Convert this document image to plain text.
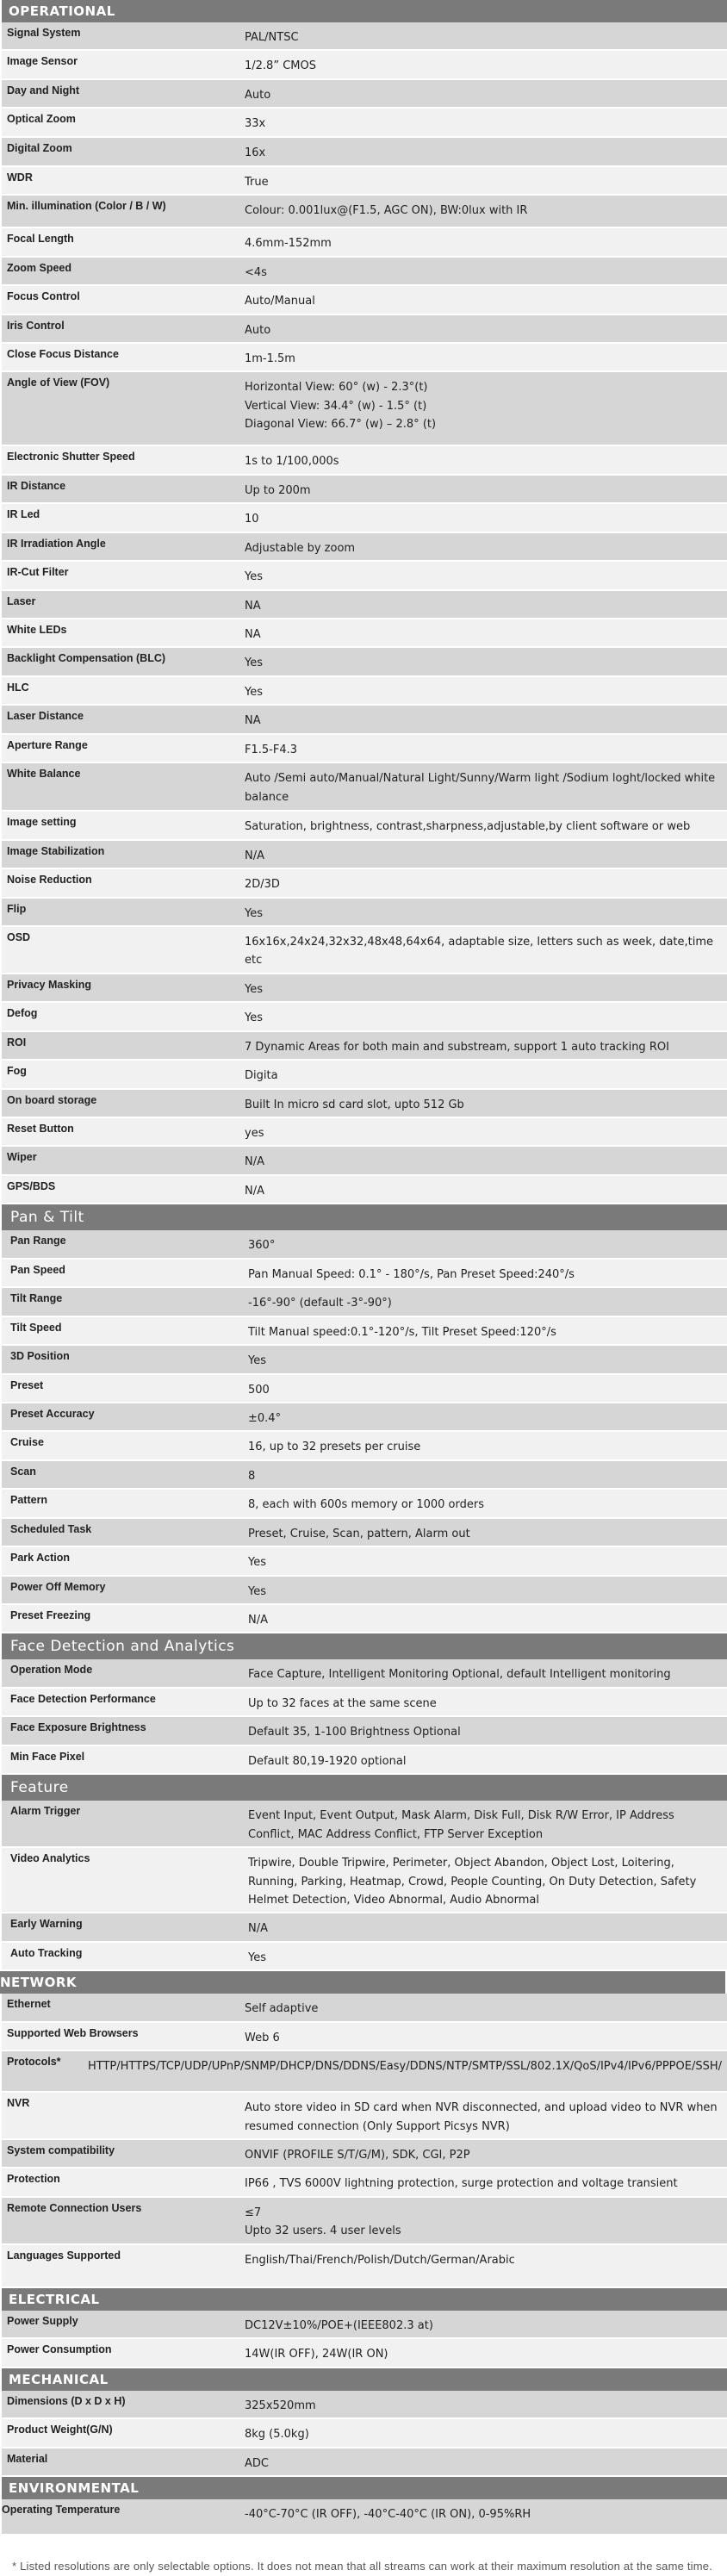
OPERATIONAL
Signal System	PAL/NTSC
Image Sensor	1/2.8” CMOS
Day and Night	Auto
Optical Zoom	33x
Digital Zoom	16x
WDR	True
Min. illumination (Color / B / W)	Colour: 0.001lux@(F1.5, AGC ON), BW:0lux with IR
Focal Length	4.6mm-152mm
Zoom Speed	<4s
Focus Control	Auto/Manual
Iris Control	Auto
Close Focus Distance	1m-1.5m
Angle of View (FOV)	Horizontal View: 60° (w) - 2.3°(t)
Vertical View: 34.4° (w) - 1.5° (t)
Diagonal View: 66.7° (w) – 2.8° (t)
Electronic Shutter Speed	1s to 1/100,000s
IR Distance	Up to 200m
IR Led	10
IR Irradiation Angle	Adjustable by zoom
IR-Cut Filter	Yes
Laser	NA
White LEDs	NA
Backlight Compensation (BLC)	Yes
HLC	Yes
Laser Distance	NA
Aperture Range	F1.5-F4.3
White Balance	Auto /Semi auto/Manual/Natural Light/Sunny/Warm light /Sodium loght/locked white balance
Image setting	Saturation, brightness, contrast,sharpness,adjustable,by client software or web
Image Stabilization	N/A
Noise Reduction	2D/3D
Flip	Yes
OSD	16x16x,24x24,32x32,48x48,64x64, adaptable size, letters such as week, date,time etc
Privacy Masking	Yes
Defog	Yes
ROI	7 Dynamic Areas for both main and substream, support 1 auto tracking ROI
Fog	Digita
On board storage	Built In micro sd card slot, upto 512 Gb
Reset Button	yes
Wiper	N/A
GPS/BDS	N/A
Pan & Tilt
Pan Range	360°
Pan Speed	Pan Manual Speed: 0.1° - 180°/s, Pan Preset Speed:240°/s
Tilt Range	-16°-90° (default -3°-90°)
Tilt Speed	Tilt Manual speed:0.1°-120°/s, Tilt Preset Speed:120°/s
3D Position	Yes
Preset	500
Preset Accuracy	±0.4°
Cruise	16, up to 32 presets per cruise
Scan	8
Pattern	8, each with 600s memory or 1000 orders
Scheduled Task	Preset, Cruise, Scan, pattern, Alarm out
Park Action	Yes
Power Off Memory	Yes
Preset Freezing	N/A
Face Detection and Analytics
Operation Mode	Face Capture, Intelligent Monitoring Optional, default Intelligent monitoring
Face Detection Performance	Up to 32 faces at the same scene
Face Exposure Brightness	Default 35, 1-100 Brightness Optional
Min Face Pixel	Default 80,19-1920 optional
Feature
Alarm Trigger	Event Input, Event Output, Mask Alarm, Disk Full, Disk R/W Error, IP Address Conflict, MAC Address Conflict, FTP Server Exception
Video Analytics	Tripwire, Double Tripwire, Perimeter, Object Abandon, Object Lost, Loitering, Running, Parking, Heatmap, Crowd, People Counting, On Duty Detection, Safety Helmet Detection, Video Abnormal, Audio Abnormal
Early Warning	N/A
Auto Tracking	Yes
NETWORK
Ethernet	Self adaptive
Supported Web Browsers	Web 6
Protocols*	HTTP/HTTPS/TCP/UDP/UPnP/SNMP/DHCP/DNS/DDNS/Easy/DDNS/NTP/SMTP/SSL/802.1X/QoS/IPv4/IPv6/PPPOE/SSH/
NVR	Auto store video in SD card when NVR disconnected, and upload video to NVR when resumed connection (Only Support Picsys NVR)
System compatibility	ONVIF (PROFILE S/T/G/M), SDK, CGI, P2P
Protection	IP66 , TVS 6000V lightning protection, surge protection and voltage transient
Remote Connection Users	≤7
Upto 32 users. 4 user levels
Languages Supported	English/Thai/French/Polish/Dutch/German/Arabic
ELECTRICAL
Power Supply	DC12V±10%/POE+(IEEE802.3 at)
Power Consumption	14W(IR OFF), 24W(IR ON)
MECHANICAL
Dimensions (D x D x H)	325x520mm
Product Weight(G/N)	8kg (5.0kg)
Material	ADC
ENVIRONMENTAL
Operating Temperature	-40°C-70°C (IR OFF), -40°C-40°C (IR ON), 0-95%RH
* Listed resolutions are only selectable options. It does not mean that all streams can work at their maximum resolution at the same time.
